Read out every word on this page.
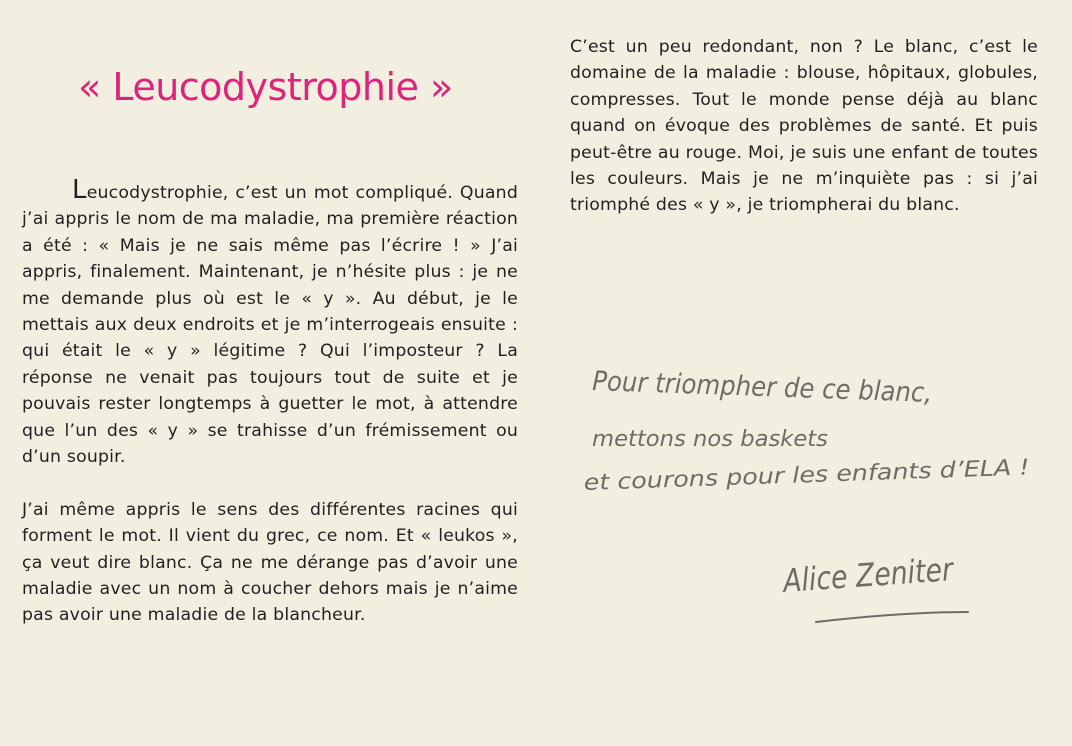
« Leucodystrophie »

Leucodystrophie, c’est un mot compliqué. Quand j’ai appris le nom de ma maladie, ma première réaction a été : « Mais je ne sais même pas l’écrire ! » J’ai appris, finalement. Maintenant, je n’hésite plus : je ne me demande plus où est le « y ». Au début, je le mettais aux deux endroits et je m’interrogeais ensuite : qui était le « y » légitime ? Qui l’imposteur ? La réponse ne venait pas toujours tout de suite et je pouvais rester longtemps à guetter le mot, à attendre que l’un des « y » se trahisse d’un frémissement ou d’un soupir.

J’ai même appris le sens des différentes racines qui forment le mot. Il vient du grec, ce nom. Et « leukos », ça veut dire blanc. Ça ne me dérange pas d’avoir une maladie avec un nom à coucher dehors mais je n’aime pas avoir une maladie de la blancheur.

C’est un peu redondant, non ? Le blanc, c’est le domaine de la maladie : blouse, hôpitaux, globules, compresses. Tout le monde pense déjà au blanc quand on évoque des problèmes de santé. Et puis peut-être au rouge. Moi, je suis une enfant de toutes les couleurs. Mais je ne m’inquiète pas : si j’ai triomphé des « y », je triompherai du blanc.

Pour triompher de ce blanc,
mettons nos baskets
et courons pour les enfants d’ELA !
Alice Zeniter
